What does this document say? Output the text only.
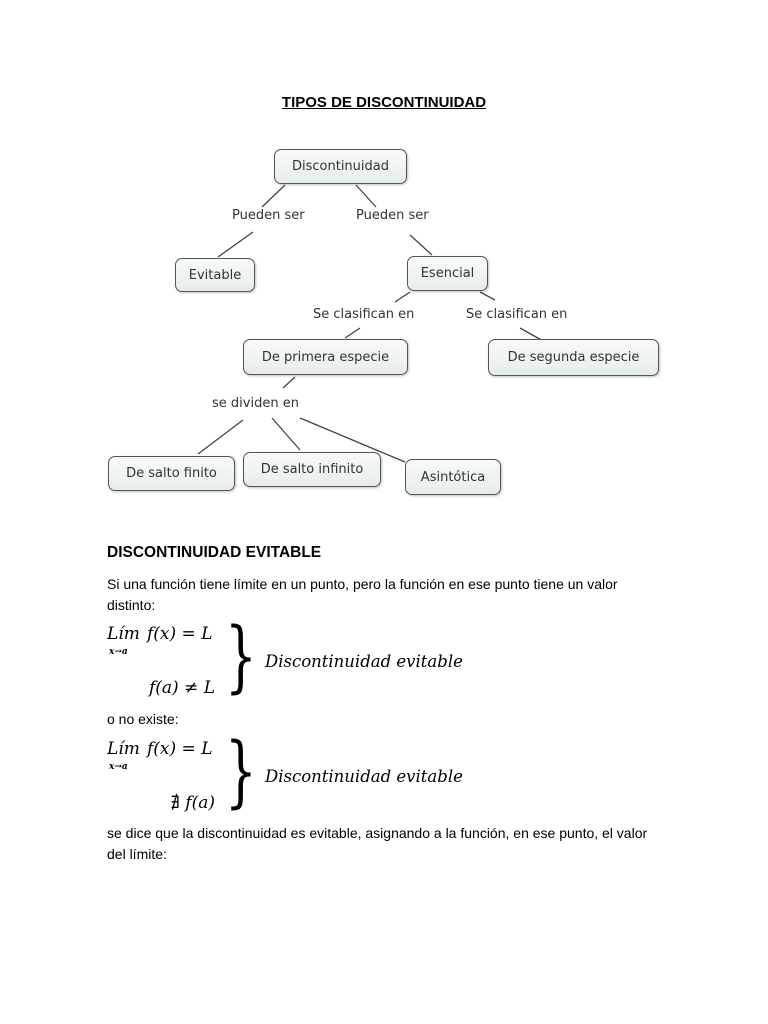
TIPOS DE DISCONTINUIDAD
Discontinuidad
Pueden ser	Pueden ser
Evitable	Esencial
Se clasifican en	Se clasifican en
De primera especie	De segunda especie
se dividen en
De salto finito	De salto infinito	Asintótica
DISCONTINUIDAD EVITABLE
Si una función tiene límite en un punto, pero la función en ese punto tiene un valor distinto:
Lím
x→a
f(x) = L
f(a) ≠ L } Discontinuidad evitable
o no existe:
Lím
x→a
f(x) = L
∄ f(a) } Discontinuidad evitable
se dice que la discontinuidad es evitable, asignando a la función, en ese punto, el valor del límite:
